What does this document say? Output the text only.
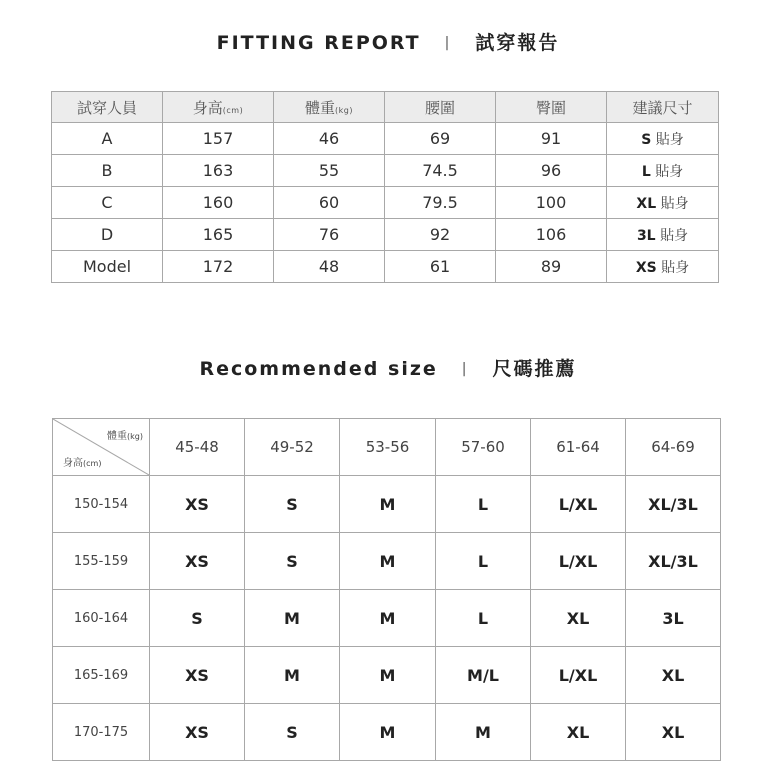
FITTING REPORT | 試穿報告
試穿人員	身高(cm)	體重(kg)	腰圍	臀圍	建議尺寸
A	157	46	69	91	S 貼身
B	163	55	74.5	96	L 貼身
C	160	60	79.5	100	XL 貼身
D	165	76	92	106	3L 貼身
Model	172	48	61	89	XS 貼身
Recommended size | 尺碼推薦
體重(kg)
身高(cm)	45-48	49-52	53-56	57-60	61-64	64-69
150-154	XS	S	M	L	L/XL	XL/3L
155-159	XS	S	M	L	L/XL	XL/3L
160-164	S	M	M	L	XL	3L
165-169	XS	M	M	M/L	L/XL	XL
170-175	XS	S	M	M	XL	XL
